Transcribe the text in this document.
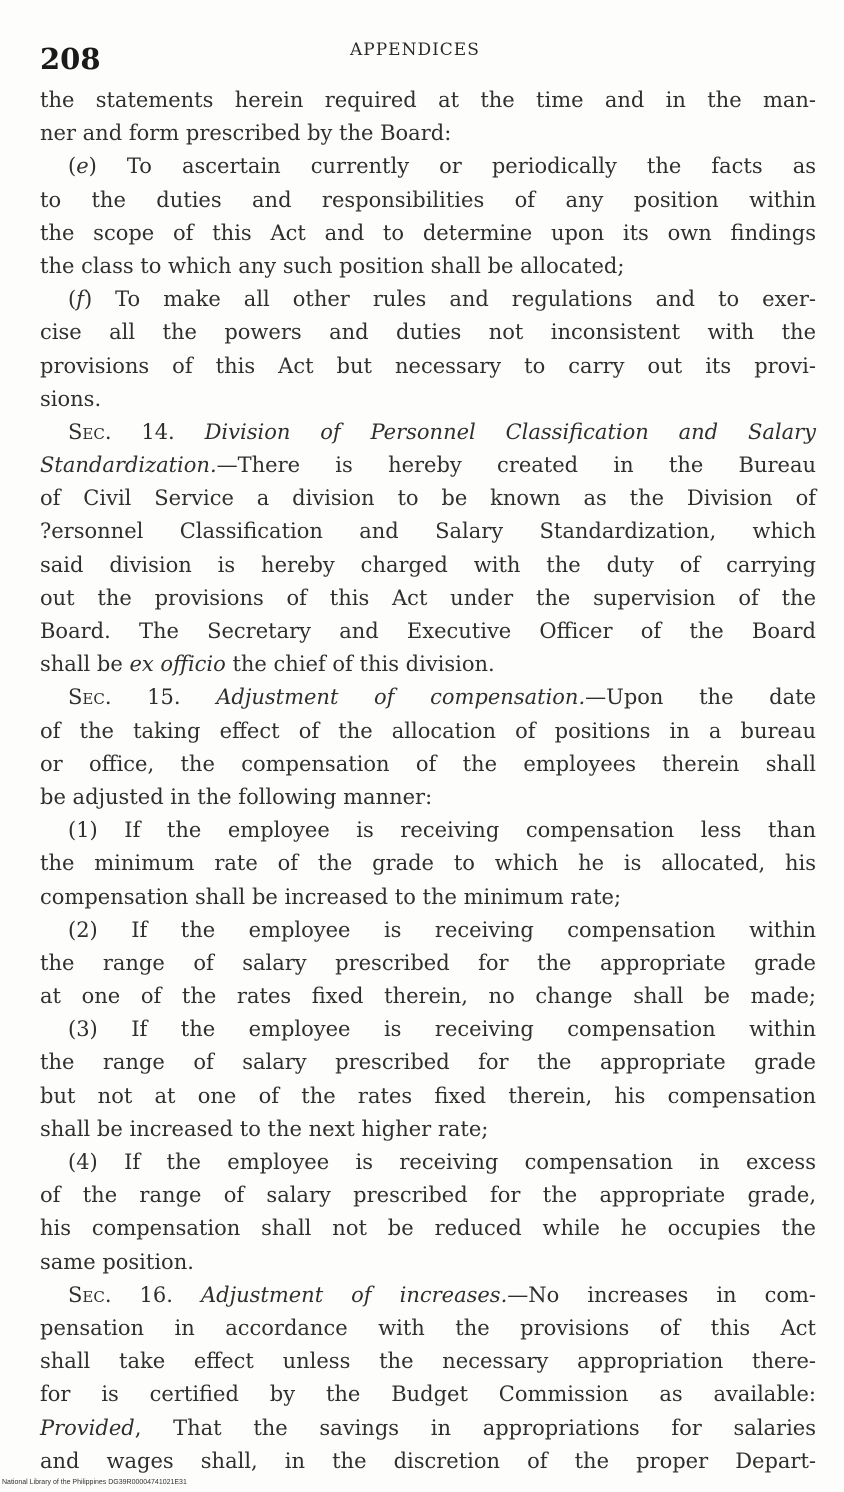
208	APPENDICES
the statements herein required at the time and in the man-
ner and form prescribed by the Board:
(e) To ascertain currently or periodically the facts as
to the duties and responsibilities of any position within
the scope of this Act and to determine upon its own findings
the class to which any such position shall be allocated;
(f) To make all other rules and regulations and to exer-
cise all the powers and duties not inconsistent with the
provisions of this Act but necessary to carry out its provi-
sions.
Sec. 14. Division of Personnel Classification and Salary
Standardization.—There is hereby created in the Bureau
of Civil Service a division to be known as the Division of
?ersonnel Classification and Salary Standardization, which
said division is hereby charged with the duty of carrying
out the provisions of this Act under the supervision of the
Board. The Secretary and Executive Officer of the Board
shall be ex officio the chief of this division.
Sec. 15. Adjustment of compensation.—Upon the date
of the taking effect of the allocation of positions in a bureau
or office, the compensation of the employees therein shall
be adjusted in the following manner:
(1) If the employee is receiving compensation less than
the minimum rate of the grade to which he is allocated, his
compensation shall be increased to the minimum rate;
(2) If the employee is receiving compensation within
the range of salary prescribed for the appropriate grade
at one of the rates fixed therein, no change shall be made;
(3) If the employee is receiving compensation within
the range of salary prescribed for the appropriate grade
but not at one of the rates fixed therein, his compensation
shall be increased to the next higher rate;
(4) If the employee is receiving compensation in excess
of the range of salary prescribed for the appropriate grade,
his compensation shall not be reduced while he occupies the
same position.
Sec. 16. Adjustment of increases.—No increases in com-
pensation in accordance with the provisions of this Act
shall take effect unless the necessary appropriation there-
for is certified by the Budget Commission as available:
Provided, That the savings in appropriations for salaries
and wages shall, in the discretion of the proper Depart-
National Library of the Philippines DG39R00004741021E31
